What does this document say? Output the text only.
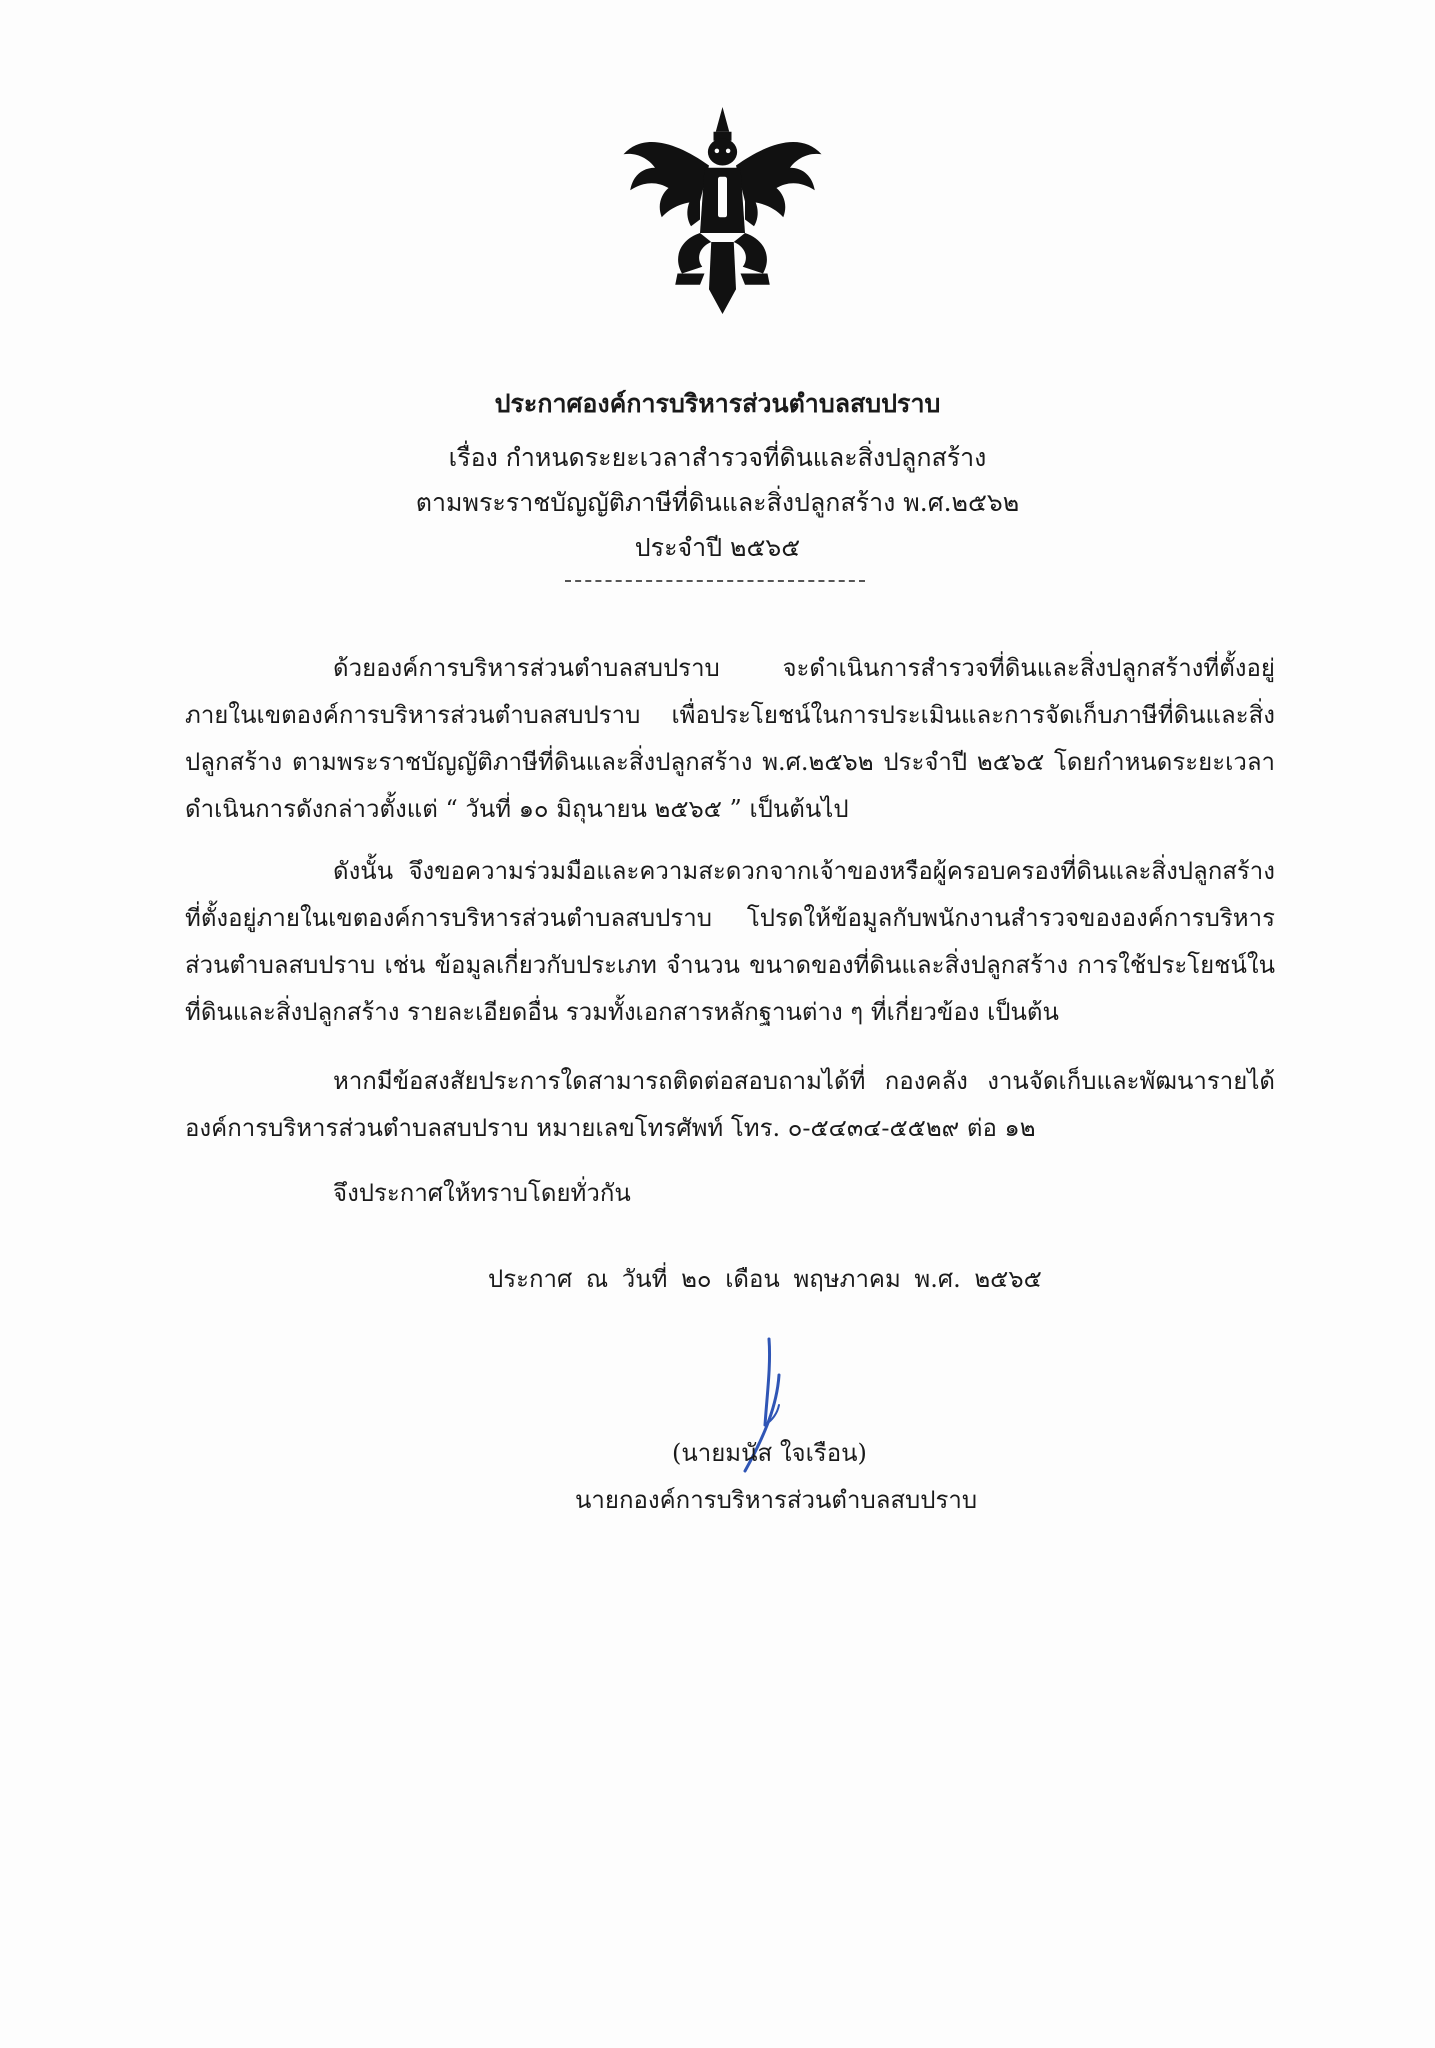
ประกาศองค์การบริหารส่วนตำบลสบปราบ
เรื่อง กำหนดระยะเวลาสำรวจที่ดินและสิ่งปลูกสร้าง
ตามพระราชบัญญัติภาษีที่ดินและสิ่งปลูกสร้าง พ.ศ.๒๕๖๒
ประจำปี ๒๕๖๕
ด้วยองค์การบริหารส่วนตำบลสบปราบ จะดำเนินการสำรวจที่ดินและสิ่งปลูกสร้างที่ตั้งอยู่ภายในเขตองค์การบริหารส่วนตำบลสบปราบ เพื่อประโยชน์ในการประเมินและการจัดเก็บภาษีที่ดินและสิ่งปลูกสร้าง ตามพระราชบัญญัติภาษีที่ดินและสิ่งปลูกสร้าง พ.ศ.๒๕๖๒ ประจำปี ๒๕๖๕ โดยกำหนดระยะเวลาดำเนินการดังกล่าวตั้งแต่ “ วันที่ ๑๐ มิถุนายน ๒๕๖๕ ” เป็นต้นไป
ดังนั้น จึงขอความร่วมมือและความสะดวกจากเจ้าของหรือผู้ครอบครองที่ดินและสิ่งปลูกสร้างที่ตั้งอยู่ภายในเขตองค์การบริหารส่วนตำบลสบปราบ โปรดให้ข้อมูลกับพนักงานสำรวจขององค์การบริหารส่วนตำบลสบปราบ เช่น ข้อมูลเกี่ยวกับประเภท จำนวน ขนาดของที่ดินและสิ่งปลูกสร้าง การใช้ประโยชน์ในที่ดินและสิ่งปลูกสร้าง รายละเอียดอื่น รวมทั้งเอกสารหลักฐานต่าง ๆ ที่เกี่ยวข้อง เป็นต้น
หากมีข้อสงสัยประการใดสามารถติดต่อสอบถามได้ที่ กองคลัง งานจัดเก็บและพัฒนารายได้องค์การบริหารส่วนตำบลสบปราบ หมายเลขโทรศัพท์ โทร. ๐-๕๔๓๔-๕๕๒๙ ต่อ ๑๒
จึงประกาศให้ทราบโดยทั่วกัน
ประกาศ ณ วันที่ ๒๐ เดือน พฤษภาคม พ.ศ. ๒๕๖๕
(นายมนัส ใจเรือน)
นายกองค์การบริหารส่วนตำบลสบปราบ
